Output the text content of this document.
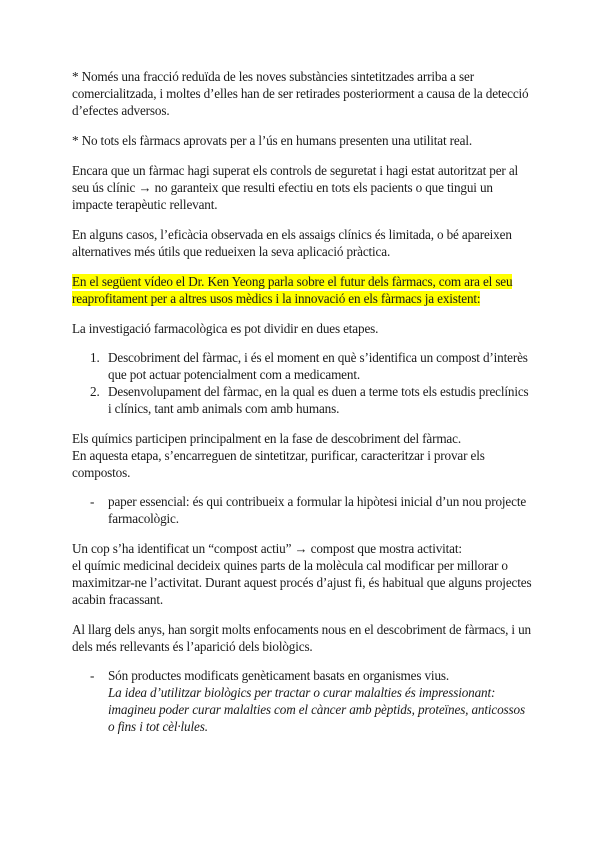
* Només una fracció reduïda de les noves substàncies sintetitzades arriba a ser comercialitzada, i moltes d’elles han de ser retirades posteriorment a causa de la detecció d’efectes adversos.

* No tots els fàrmacs aprovats per a l’ús en humans presenten una utilitat real.

Encara que un fàrmac hagi superat els controls de seguretat i hagi estat autoritzat per al seu ús clínic → no garanteix que resulti efectiu en tots els pacients o que tingui un impacte terapèutic rellevant.

En alguns casos, l’eficàcia observada en els assaigs clínics és limitada, o bé apareixen alternatives més útils que redueixen la seva aplicació pràctica.

En el següent vídeo el Dr. Ken Yeong parla sobre el futur dels fàrmacs, com ara el seu reaprofitament per a altres usos mèdics i la innovació en els fàrmacs ja existent:

La investigació farmacològica es pot dividir en dues etapes.

1. Descobriment del fàrmac, i és el moment en què s’identifica un compost d’interès que pot actuar potencialment com a medicament.
2. Desenvolupament del fàrmac, en la qual es duen a terme tots els estudis preclínics i clínics, tant amb animals com amb humans.

Els químics participen principalment en la fase de descobriment del fàrmac.

En aquesta etapa, s’encarreguen de sintetitzar, purificar, caracteritzar i provar els compostos.

- paper essencial: és qui contribueix a formular la hipòtesi inicial d’un nou projecte farmacològic.

Un cop s’ha identificat un “compost actiu” → compost que mostra activitat:

el químic medicinal decideix quines parts de la molècula cal modificar per millorar o maximitzar-ne l’activitat. Durant aquest procés d’ajust fi, és habitual que alguns projectes acabin fracassant.

Al llarg dels anys, han sorgit molts enfocaments nous en el descobriment de fàrmacs, i un dels més rellevants és l’aparició dels biològics.

- Són productes modificats genèticament basats en organismes vius.
La idea d’utilitzar biològics per tractar o curar malalties és impressionant: imagineu poder curar malalties com el càncer amb pèptids, proteïnes, anticossos o fins i tot cèl·lules.
